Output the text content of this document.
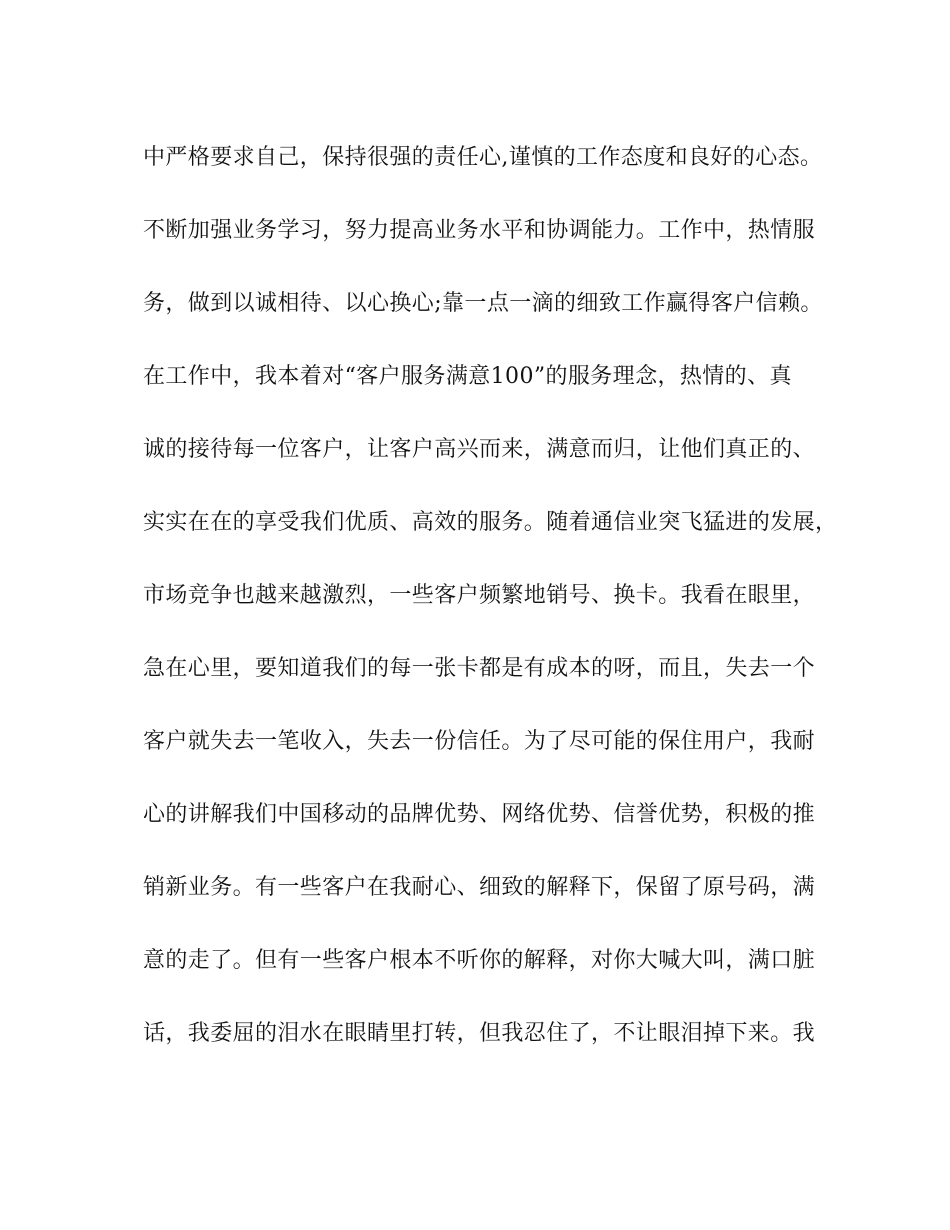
中严格要求自己，保持很强的责任心,谨慎的工作态度和良好的心态。
不断加强业务学习，努力提高业务水平和协调能力。工作中，热情服
务，做到以诚相待、以心换心;靠一点一滴的细致工作赢得客户信赖。
在工作中，我本着对“客户服务满意100”的服务理念，热情的、真
诚的接待每一位客户，让客户高兴而来，满意而归，让他们真正的、
实实在在的享受我们优质、高效的服务。随着通信业突飞猛进的发展，
市场竞争也越来越激烈，一些客户频繁地销号、换卡。我看在眼里，
急在心里，要知道我们的每一张卡都是有成本的呀，而且，失去一个
客户就失去一笔收入，失去一份信任。为了尽可能的保住用户，我耐
心的讲解我们中国移动的品牌优势、网络优势、信誉优势，积极的推
销新业务。有一些客户在我耐心、细致的解释下，保留了原号码，满
意的走了。但有一些客户根本不听你的解释，对你大喊大叫，满口脏
话，我委屈的泪水在眼睛里打转，但我忍住了，不让眼泪掉下来。我
